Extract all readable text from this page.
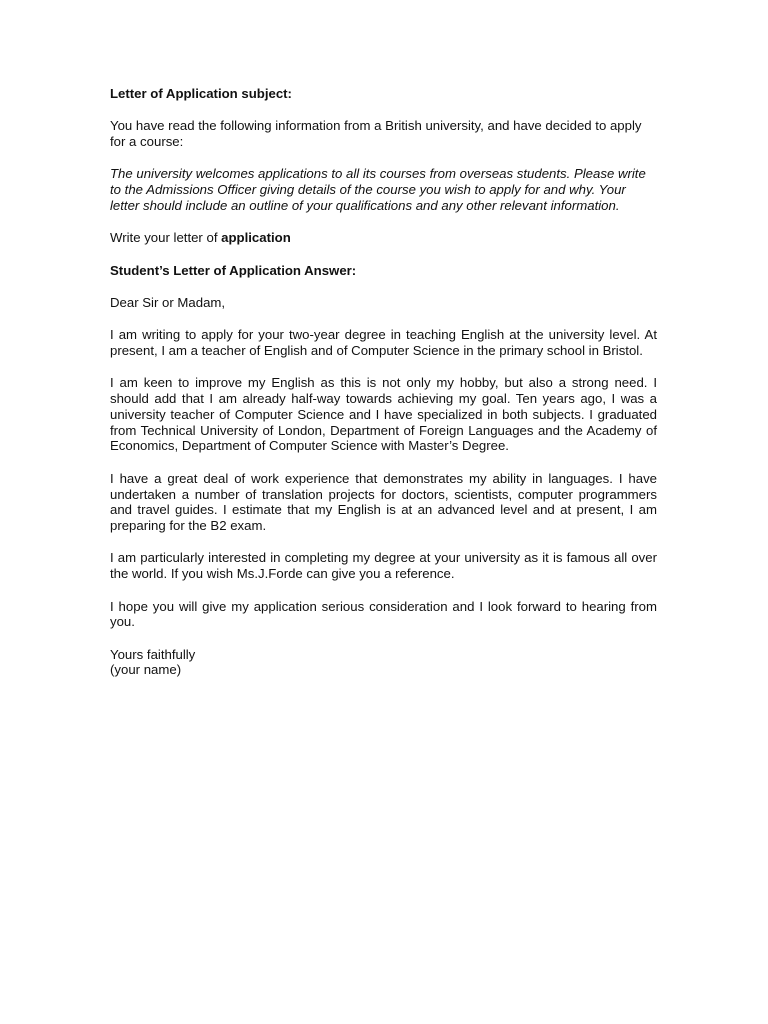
Letter of Application subject:

You have read the following information from a British university, and have decided to apply for a course:

The university welcomes applications to all its courses from overseas students. Please write to the Admissions Officer giving details of the course you wish to apply for and why. Your letter should include an outline of your qualifications and any other relevant information.

Write your letter of application

Student’s Letter of Application Answer:

Dear Sir or Madam,

I am writing to apply for your two-year degree in teaching English at the university level. At present, I am a teacher of English and of Computer Science in the primary school in Bristol.

I am keen to improve my English as this is not only my hobby, but also a strong need. I should add that I am already half-way towards achieving my goal. Ten years ago, I was a university teacher of Computer Science and I have specialized in both subjects. I graduated from Technical University of London, Department of Foreign Languages and the Academy of Economics, Department of Computer Science with Master’s Degree.

I have a great deal of work experience that demonstrates my ability in languages. I have undertaken a number of translation projects for doctors, scientists, computer programmers and travel guides. I estimate that my English is at an advanced level and at present, I am preparing for the B2 exam.

I am particularly interested in completing my degree at your university as it is famous all over the world. If you wish Ms.J.Forde can give you a reference.

I hope you will give my application serious consideration and I look forward to hearing from you.

Yours faithfully

(your name)
